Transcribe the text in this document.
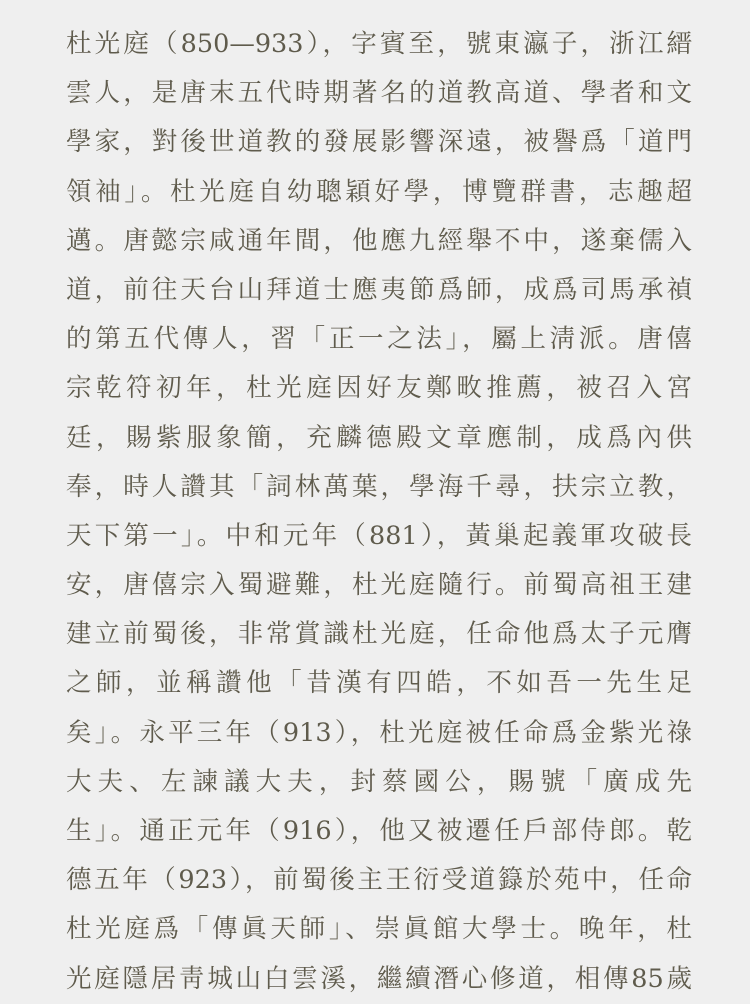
杜光庭（850—933），字賓至，號東瀛子，浙江縉
雲人，是唐末五代時期著名的道教高道、學者和文
學家，對後世道教的發展影響深遠，被譽爲「道門
領袖」。杜光庭自幼聰穎好學，博覽群書，志趣超
邁。唐懿宗咸通年間，他應九經舉不中，遂棄儒入
道，前往天台山拜道士應夷節爲師，成爲司馬承禎
的第五代傳人，習「正一之法」，屬上淸派。唐僖
宗乾符初年，杜光庭因好友鄭畋推薦，被召入宮
廷，賜紫服象簡，充麟德殿文章應制，成爲內供
奉，時人讚其「詞林萬葉，學海千尋，扶宗立教，
天下第一」。中和元年（881），黃巢起義軍攻破長
安，唐僖宗入蜀避難，杜光庭隨行。前蜀高祖王建
建立前蜀後，非常賞識杜光庭，任命他爲太子元膺
之師，並稱讚他「昔漢有四皓，不如吾一先生足
矣」。永平三年（913），杜光庭被任命爲金紫光祿
大夫、左諫議大夫，封蔡國公，賜號「廣成先
生」。通正元年（916），他又被遷任戶部侍郎。乾
德五年（923），前蜀後主王衍受道籙於苑中，任命
杜光庭爲「傳眞天師」、崇眞館大學士。晚年，杜
光庭隱居靑城山白雲溪，繼續潛心修道，相傳85歲
